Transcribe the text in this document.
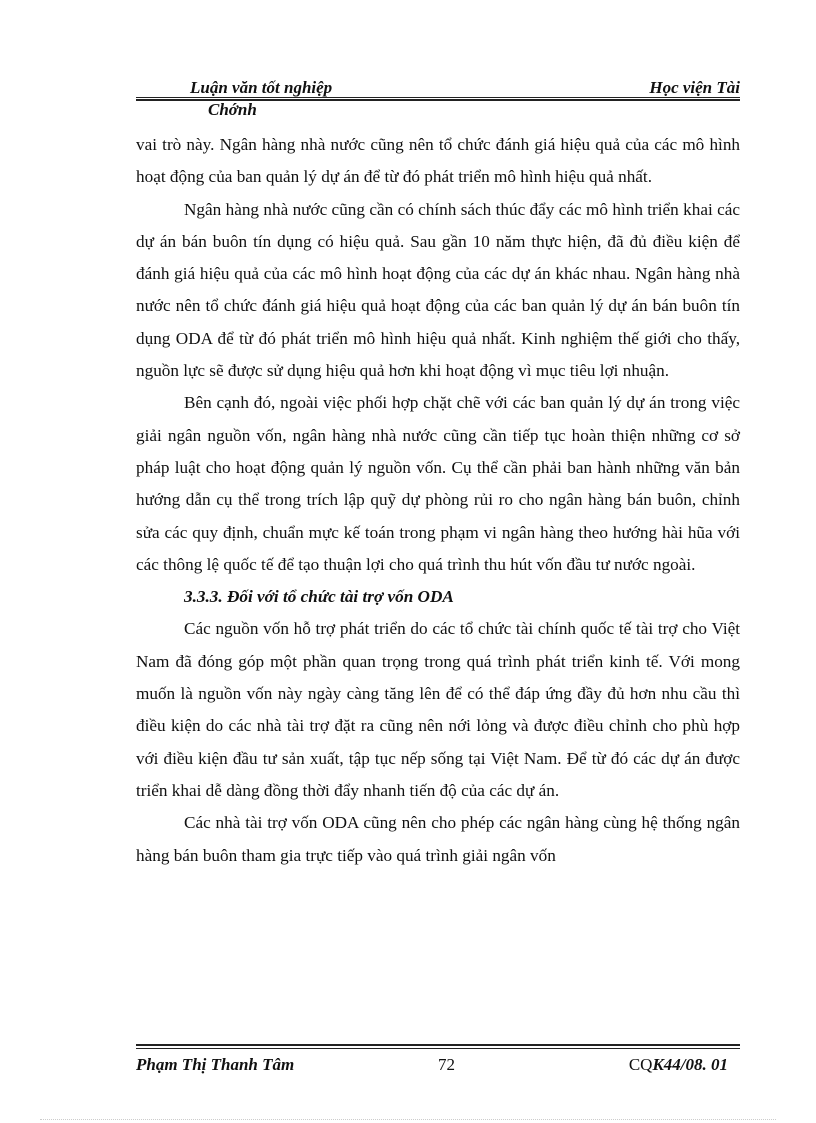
Luận văn tốt nghiệp	Học viện Tài
Chớnh

vai trò này. Ngân hàng nhà nước cũng nên tổ chức đánh giá hiệu quả của các mô hình hoạt động của ban quản lý dự án để từ đó phát triển mô hình hiệu quả nhất.

Ngân hàng nhà nước cũng cần có chính sách thúc đẩy các mô hình triển khai các dự án bán buôn tín dụng có hiệu quả. Sau gần 10 năm thực hiện, đã đủ điều kiện để đánh giá hiệu quả của các mô hình hoạt động của các dự án khác nhau. Ngân hàng nhà nước nên tổ chức đánh giá hiệu quả hoạt động của các ban quản lý dự án bán buôn tín dụng ODA để từ đó phát triển mô hình hiệu quả nhất. Kinh nghiệm thế giới cho thấy, nguồn lực sẽ được sử dụng hiệu quả hơn khi hoạt động vì mục tiêu lợi nhuận.

Bên cạnh đó, ngoài việc phối hợp chặt chẽ với các ban quản lý dự án trong việc giải ngân nguồn vốn, ngân hàng nhà nước cũng cần tiếp tục hoàn thiện những cơ sở pháp luật cho hoạt động quản lý nguồn vốn. Cụ thể cần phải ban hành những văn bản hướng dẫn cụ thể trong trích lập quỹ dự phòng rủi ro cho ngân hàng bán buôn, chỉnh sửa các quy định, chuẩn mực kế toán trong phạm vi ngân hàng theo hướng hài hũa với các thông lệ quốc tế để tạo thuận lợi cho quá trình thu hút vốn đầu tư nước ngoài.

3.3.3. Đối với tổ chức tài trợ vốn ODA

Các nguồn vốn hỗ trợ phát triển do các tổ chức tài chính quốc tế tài trợ cho Việt Nam đã đóng góp một phần quan trọng trong quá trình phát triển kinh tế. Với mong muốn là nguồn vốn này ngày càng tăng lên để có thể đáp ứng đầy đủ hơn nhu cầu thì điều kiện do các nhà tài trợ đặt ra cũng nên nới lỏng và được điều chỉnh cho phù hợp với điều kiện đầu tư sản xuất, tập tục nếp sống tại Việt Nam. Để từ đó các dự án được triển khai dễ dàng đồng thời đẩy nhanh tiến độ của các dự án.

Các nhà tài trợ vốn ODA cũng nên cho phép các ngân hàng cùng hệ thống ngân hàng bán buôn tham gia trực tiếp vào quá trình giải ngân vốn

Phạm Thị Thanh Tâm	72	CQK44/08. 01
